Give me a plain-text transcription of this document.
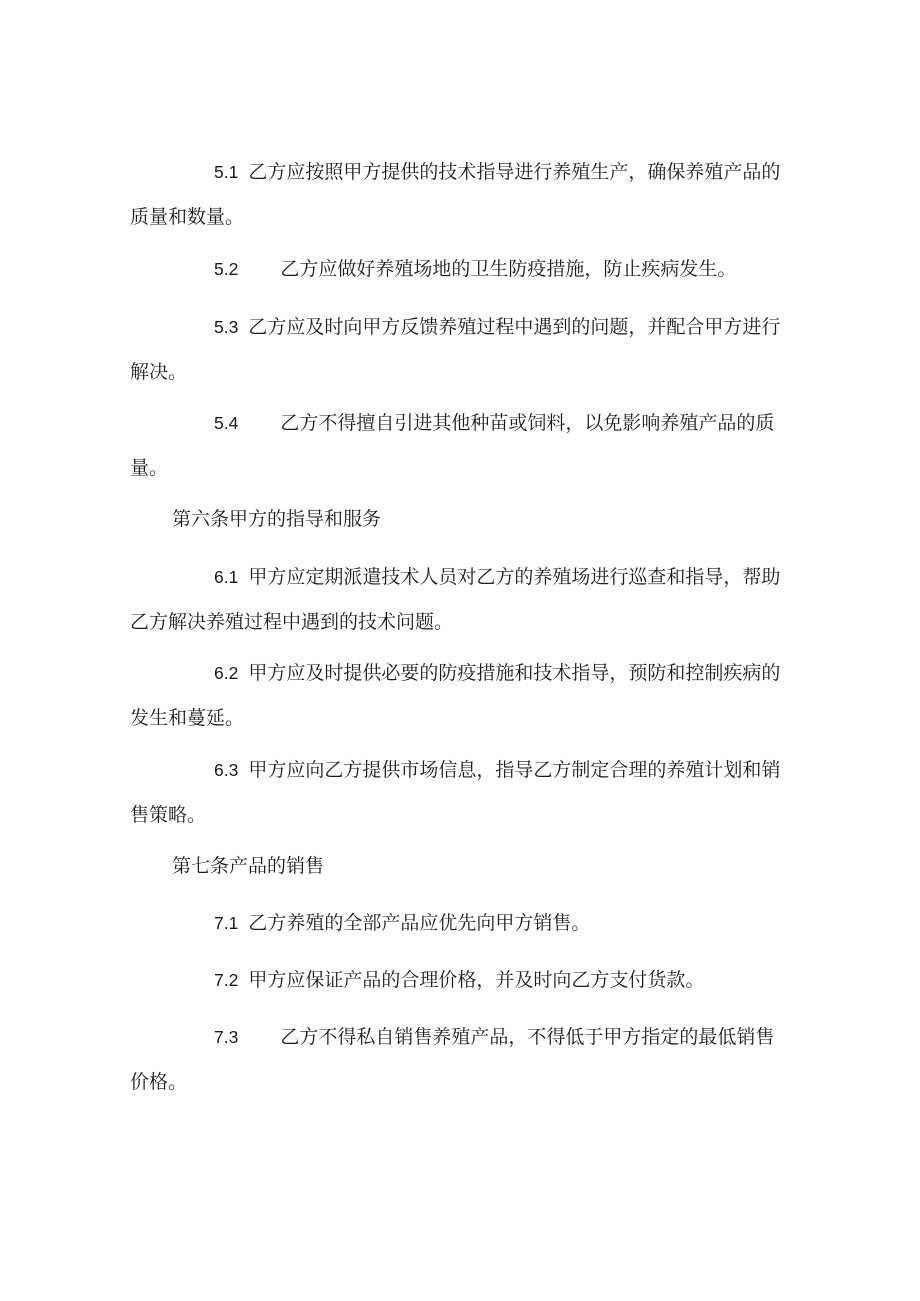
5.1 乙方应按照甲方提供的技术指导进行养殖生产，确保养殖产品的质量和数量。

5.2 乙方应做好养殖场地的卫生防疫措施，防止疾病发生。

5.3 乙方应及时向甲方反馈养殖过程中遇到的问题，并配合甲方进行解决。

5.4 乙方不得擅自引进其他种苗或饲料，以免影响养殖产品的质量。

第六条甲方的指导和服务

6.1 甲方应定期派遣技术人员对乙方的养殖场进行巡查和指导，帮助乙方解决养殖过程中遇到的技术问题。

6.2 甲方应及时提供必要的防疫措施和技术指导，预防和控制疾病的发生和蔓延。

6.3 甲方应向乙方提供市场信息，指导乙方制定合理的养殖计划和销售策略。

第七条产品的销售

7.1 乙方养殖的全部产品应优先向甲方销售。

7.2 甲方应保证产品的合理价格，并及时向乙方支付货款。

7.3 乙方不得私自销售养殖产品，不得低于甲方指定的最低销售价格。
